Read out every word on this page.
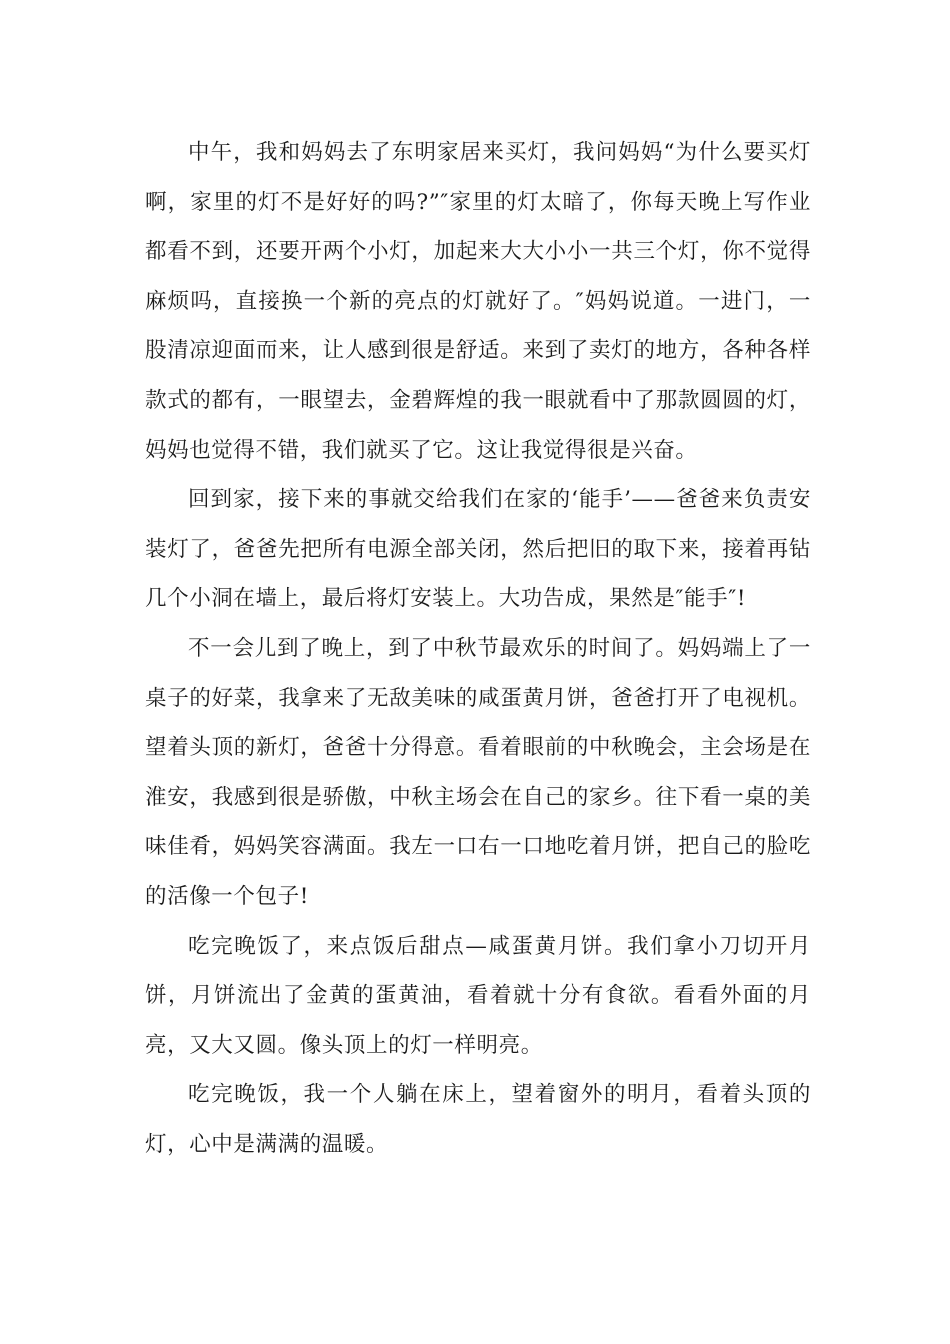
中午，我和妈妈去了东明家居来买灯，我问妈妈“为什么要买灯啊，家里的灯不是好好的吗?”″家里的灯太暗了，你每天晚上写作业都看不到，还要开两个小灯，加起来大大小小一共三个灯，你不觉得麻烦吗，直接换一个新的亮点的灯就好了。″妈妈说道。一进门，一股清凉迎面而来，让人感到很是舒适。来到了卖灯的地方，各种各样款式的都有，一眼望去，金碧辉煌的我一眼就看中了那款圆圆的灯，妈妈也觉得不错，我们就买了它。这让我觉得很是兴奋。

回到家，接下来的事就交给我们在家的‘能手’——爸爸来负责安装灯了，爸爸先把所有电源全部关闭，然后把旧的取下来，接着再钻几个小洞在墙上，最后将灯安装上。大功告成，果然是″能手″!

不一会儿到了晚上，到了中秋节最欢乐的时间了。妈妈端上了一桌子的好菜，我拿来了无敌美味的咸蛋黄月饼，爸爸打开了电视机。望着头顶的新灯，爸爸十分得意。看着眼前的中秋晚会，主会场是在淮安，我感到很是骄傲，中秋主场会在自己的家乡。往下看一桌的美味佳肴，妈妈笑容满面。我左一口右一口地吃着月饼，把自己的脸吃的活像一个包子!

吃完晚饭了，来点饭后甜点—咸蛋黄月饼。我们拿小刀切开月饼，月饼流出了金黄的蛋黄油，看着就十分有食欲。看看外面的月亮，又大又圆。像头顶上的灯一样明亮。

吃完晚饭，我一个人躺在床上，望着窗外的明月，看着头顶的灯，心中是满满的温暖。
